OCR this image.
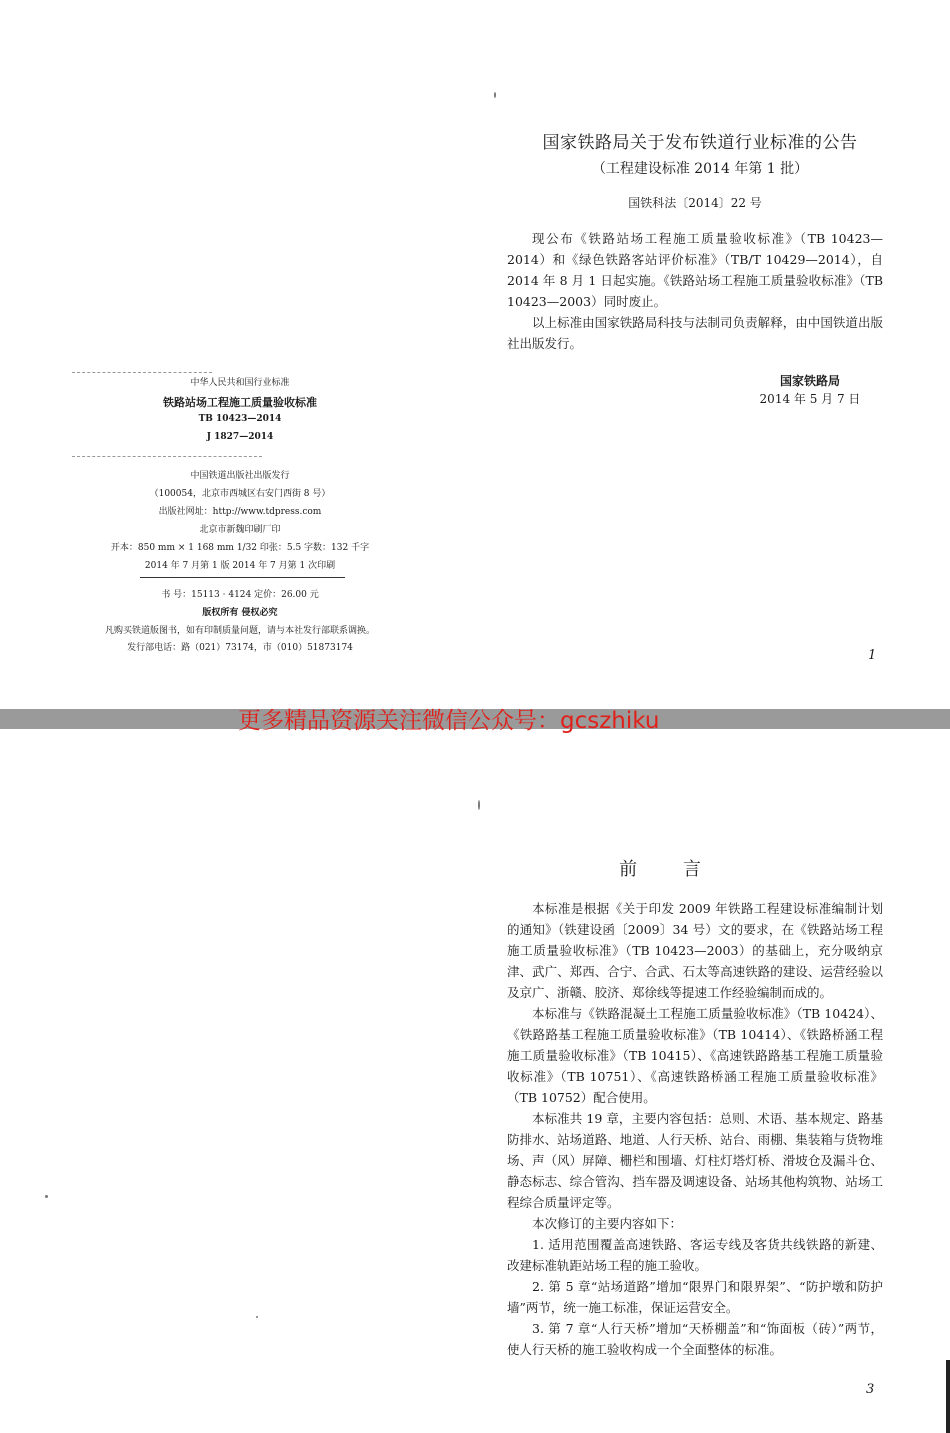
国家铁路局关于发布铁道行业标准的公告
（工程建设标准 2014 年第 1 批）
国铁科法〔2014〕22 号

现公布《铁路站场工程施工质量验收标准》（TB 10423—2014）和《绿色铁路客站评价标准》（TB/T 10429—2014），自 2014 年 8 月 1 日起实施。《铁路站场工程施工质量验收标准》（TB 10423—2003）同时废止。

以上标准由国家铁路局科技与法制司负责解释，由中国铁道出版社出版发行。

国家铁路局
2014 年 5 月 7 日
1
中华人民共和国行业标准
铁路站场工程施工质量验收标准
TB 10423—2014
J 1827—2014
中国铁道出版社出版发行
（100054，北京市西城区右安门西街 8 号）
出版社网址：http://www.tdpress.com
北京市新魏印刷厂印
开本：850 mm × 1 168 mm 1/32 印张：5.5 字数：132 千字
2014 年 7 月第 1 版 2014 年 7 月第 1 次印刷
书 号：15113 · 4124 定价：26.00 元
版权所有 侵权必究
凡购买铁道版图书，如有印制质量问题，请与本社发行部联系调换。
发行部电话：路（021）73174，市（010）51873174
更多精品资源关注微信公众号：gcszhiku
前 言

本标准是根据《关于印发 2009 年铁路工程建设标准编制计划的通知》（铁建设函〔2009〕34 号）文的要求，在《铁路站场工程施工质量验收标准》（TB 10423—2003）的基础上，充分吸纳京津、武广、郑西、合宁、合武、石太等高速铁路的建设、运营经验以及京广、浙赣、胶济、郑徐线等提速工作经验编制而成的。

本标准与《铁路混凝土工程施工质量验收标准》（TB 10424）、《铁路路基工程施工质量验收标准》（TB 10414）、《铁路桥涵工程施工质量验收标准》（TB 10415）、《高速铁路路基工程施工质量验收标准》（TB 10751）、《高速铁路桥涵工程施工质量验收标准》（TB 10752）配合使用。

本标准共 19 章，主要内容包括：总则、术语、基本规定、路基防排水、站场道路、地道、人行天桥、站台、雨棚、集装箱与货物堆场、声（风）屏障、栅栏和围墙、灯柱灯塔灯桥、滑坡仓及漏斗仓、静态标志、综合管沟、挡车器及调速设备、站场其他构筑物、站场工程综合质量评定等。

本次修订的主要内容如下：

1. 适用范围覆盖高速铁路、客运专线及客货共线铁路的新建、改建标准轨距站场工程的施工验收。

2. 第 5 章“站场道路”增加“限界门和限界架”、“防护墩和防护墙”两节，统一施工标准，保证运营安全。

3. 第 7 章“人行天桥”增加“天桥棚盖”和“饰面板（砖）”两节，使人行天桥的施工验收构成一个全面整体的标准。

3
